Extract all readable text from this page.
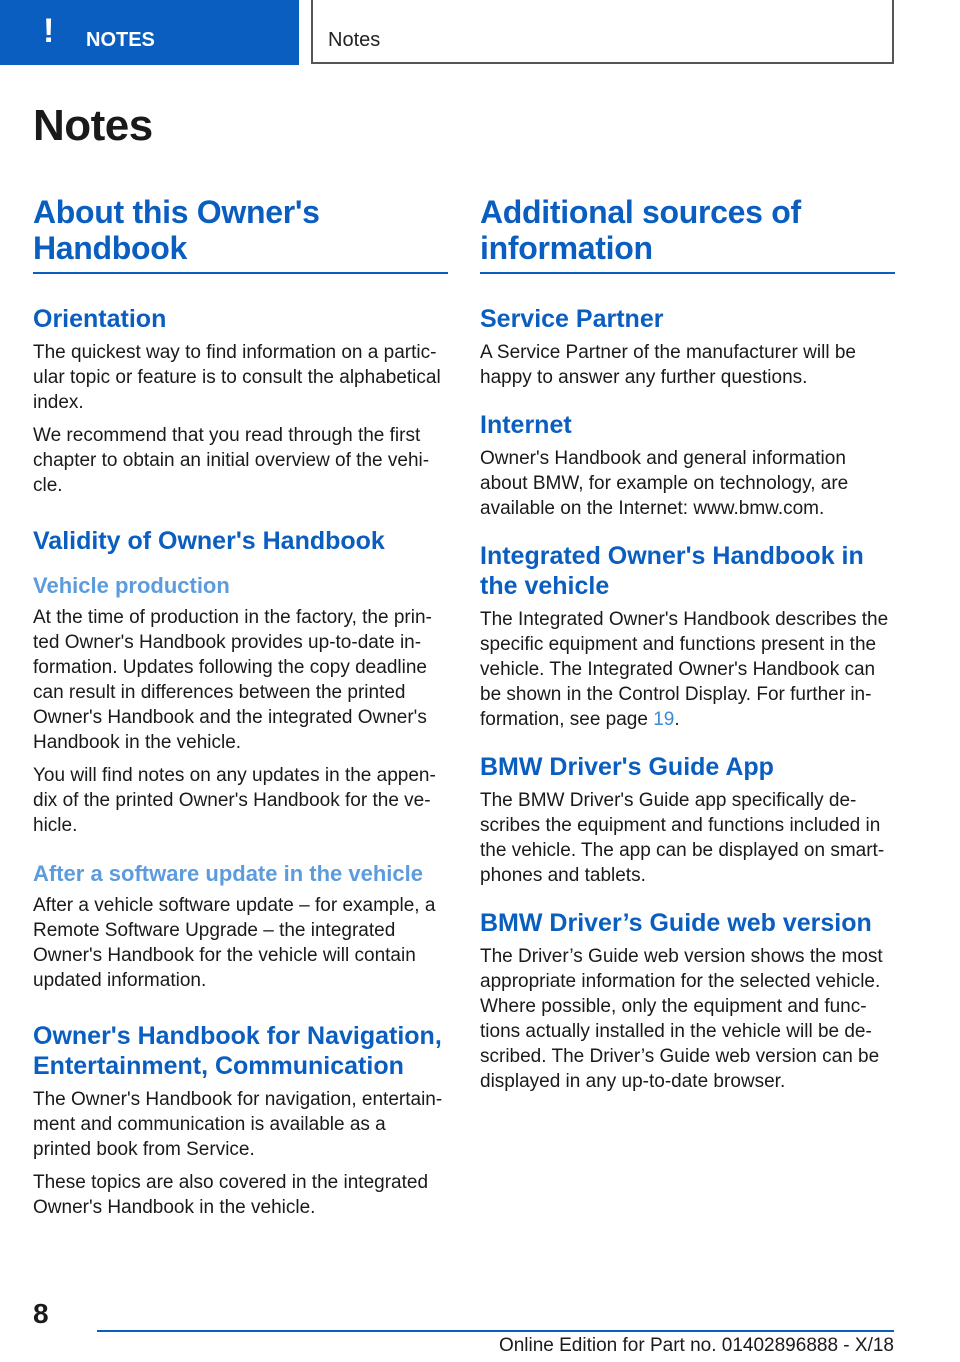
! NOTES	Notes
Notes
About this Owner's Handbook
Orientation

The quickest way to find information on a partic-ular topic or feature is to consult the alphabetical index.

We recommend that you read through the first chapter to obtain an initial overview of the vehi-cle.

Validity of Owner's Handbook
Vehicle production

At the time of production in the factory, the prin-ted Owner's Handbook provides up-to-date in-formation. Updates following the copy deadline can result in differences between the printed Owner's Handbook and the integrated Owner's Handbook in the vehicle.

You will find notes on any updates in the appen-dix of the printed Owner's Handbook for the ve-hicle.

After a software update in the vehicle

After a vehicle software update – for example, a Remote Software Upgrade – the integrated Owner's Handbook for the vehicle will contain updated information.

Owner's Handbook for Navigation, Entertainment, Communication

The Owner's Handbook for navigation, entertain-ment and communication is available as a printed book from Service.

These topics are also covered in the integrated Owner's Handbook in the vehicle.

Additional sources of information
Service Partner

A Service Partner of the manufacturer will be happy to answer any further questions.

Internet

Owner's Handbook and general information about BMW, for example on technology, are available on the Internet: www.bmw.com.

Integrated Owner's Handbook in the vehicle

The Integrated Owner's Handbook describes the specific equipment and functions present in the vehicle. The Integrated Owner's Handbook can be shown in the Control Display. For further in-formation, see page 19.

BMW Driver's Guide App

The BMW Driver's Guide app specifically de-scribes the equipment and functions included in the vehicle. The app can be displayed on smart-phones and tablets.

BMW Driver’s Guide web version

The Driver’s Guide web version shows the most appropriate information for the selected vehicle. Where possible, only the equipment and func-tions actually installed in the vehicle will be de-scribed. The Driver’s Guide web version can be displayed in any up-to-date browser.

8
Online Edition for Part no. 01402896888 - X/18
